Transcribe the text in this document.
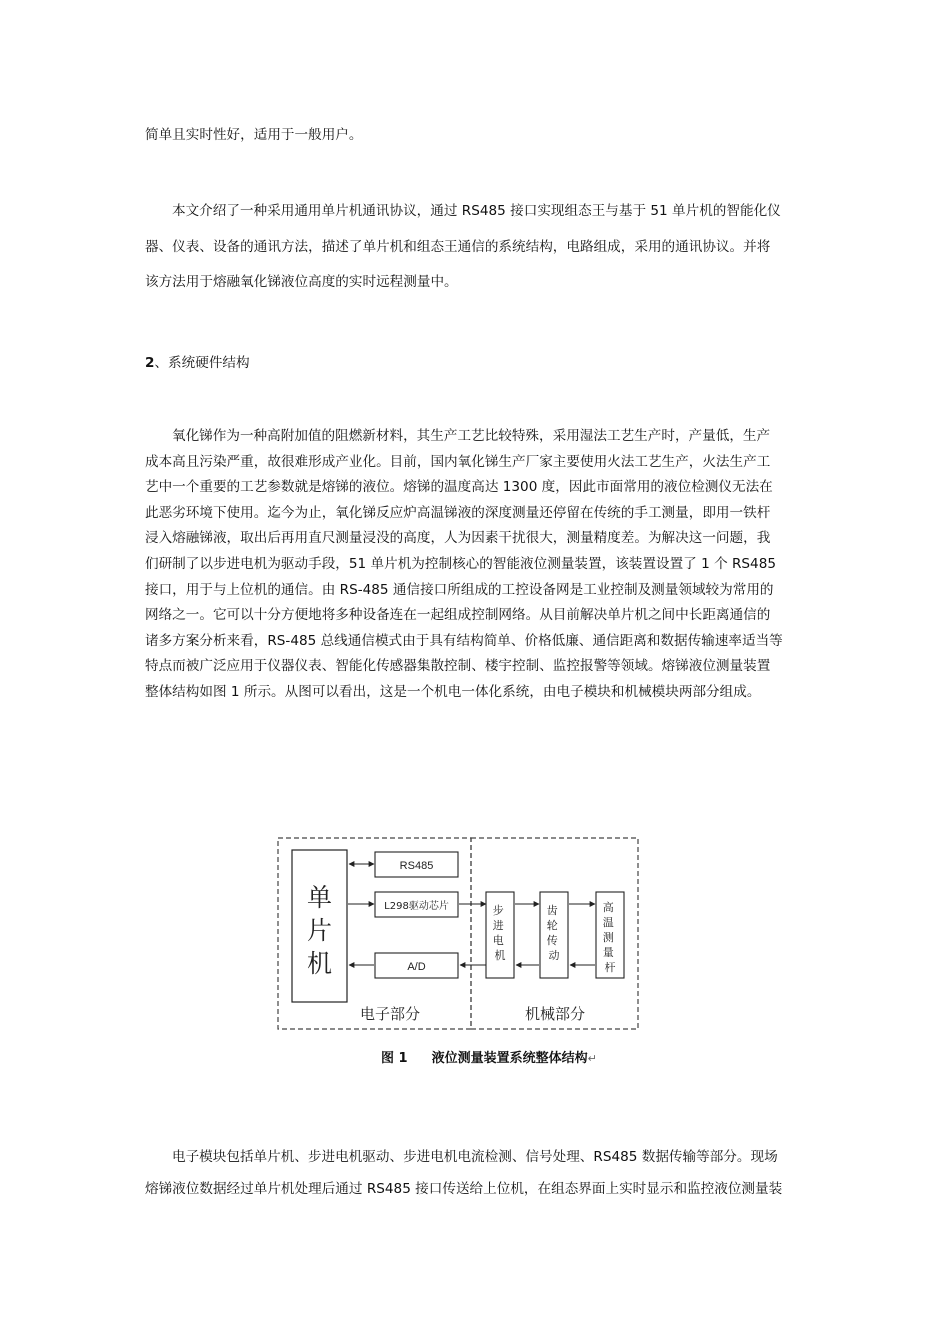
简单且实时性好，适用于一般用户。
本文介绍了一种采用通用单片机通讯协议，通过 RS485 接口实现组态王与基于 51 单片机的智能化仪
器、仪表、设备的通讯方法，描述了单片机和组态王通信的系统结构，电路组成，采用的通讯协议。并将
该方法用于熔融氧化锑液位高度的实时远程测量中。
2、系统硬件结构
氧化锑作为一种高附加值的阻燃新材料，其生产工艺比较特殊，采用湿法工艺生产时，产量低，生产
成本高且污染严重，故很难形成产业化。目前，国内氧化锑生产厂家主要使用火法工艺生产，火法生产工
艺中一个重要的工艺参数就是熔锑的液位。熔锑的温度高达 1300 度，因此市面常用的液位检测仪无法在
此恶劣环境下使用。迄今为止，氧化锑反应炉高温锑液的深度测量还停留在传统的手工测量，即用一铁杆
浸入熔融锑液，取出后再用直尺测量浸没的高度，人为因素干扰很大，测量精度差。为解决这一问题，我
们研制了以步进电机为驱动手段，51 单片机为控制核心的智能液位测量装置，该装置设置了 1 个 RS485
接口，用于与上位机的通信。由 RS-485 通信接口所组成的工控设备网是工业控制及测量领域较为常用的
网络之一。它可以十分方便地将多种设备连在一起组成控制网络。从目前解决单片机之间中长距离通信的
诸多方案分析来看，RS-485 总线通信模式由于具有结构简单、价格低廉、通信距离和数据传输速率适当等
特点而被广泛应用于仪器仪表、智能化传感器集散控制、楼宇控制、监控报警等领域。熔锑液位测量装置
整体结构如图 1 所示。从图可以看出，这是一个机电一体化系统，由电子模块和机械模块两部分组成。
单 片 机
RS485
L298驱动芯片
A/D
步 进 电 机
齿 轮 传 动
高 温 测 量 杆
电子部分	机械部分
图 1 液位测量装置系统整体结构↵
电子模块包括单片机、步进电机驱动、步进电机电流检测、信号处理、RS485 数据传输等部分。现场
熔锑液位数据经过单片机处理后通过 RS485 接口传送给上位机，在组态界面上实时显示和监控液位测量装
